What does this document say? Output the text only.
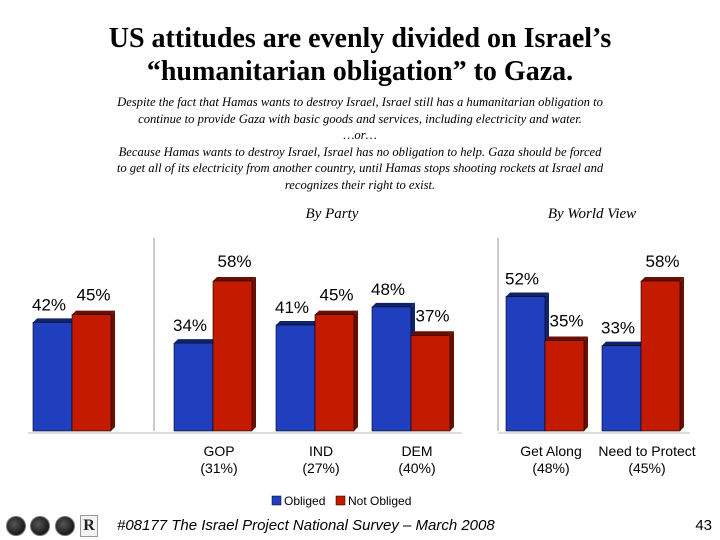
US attitudes are evenly divided on Israel’s
“humanitarian obligation” to Gaza.
Despite the fact that Hamas wants to destroy Israel, Israel still has a humanitarian obligation to
continue to provide Gaza with basic goods and services, including electricity and water.
…or…
Because Hamas wants to destroy Israel, Israel has no obligation to help. Gaza should be forced
to get all of its electricity from another country, until Hamas stops shooting rockets at Israel and
recognizes their right to exist.
42%
45%
34%
58%
GOP
(31%)
41%
45%
IND
(27%)
48%
37%
DEM
(40%)
52%
35%
Get Along
(48%)
33%
58%
Need to Protect
(45%)
By Party	By World View
Obliged Not Obliged
R #08177 The Israel Project National Survey – March 2008	43
